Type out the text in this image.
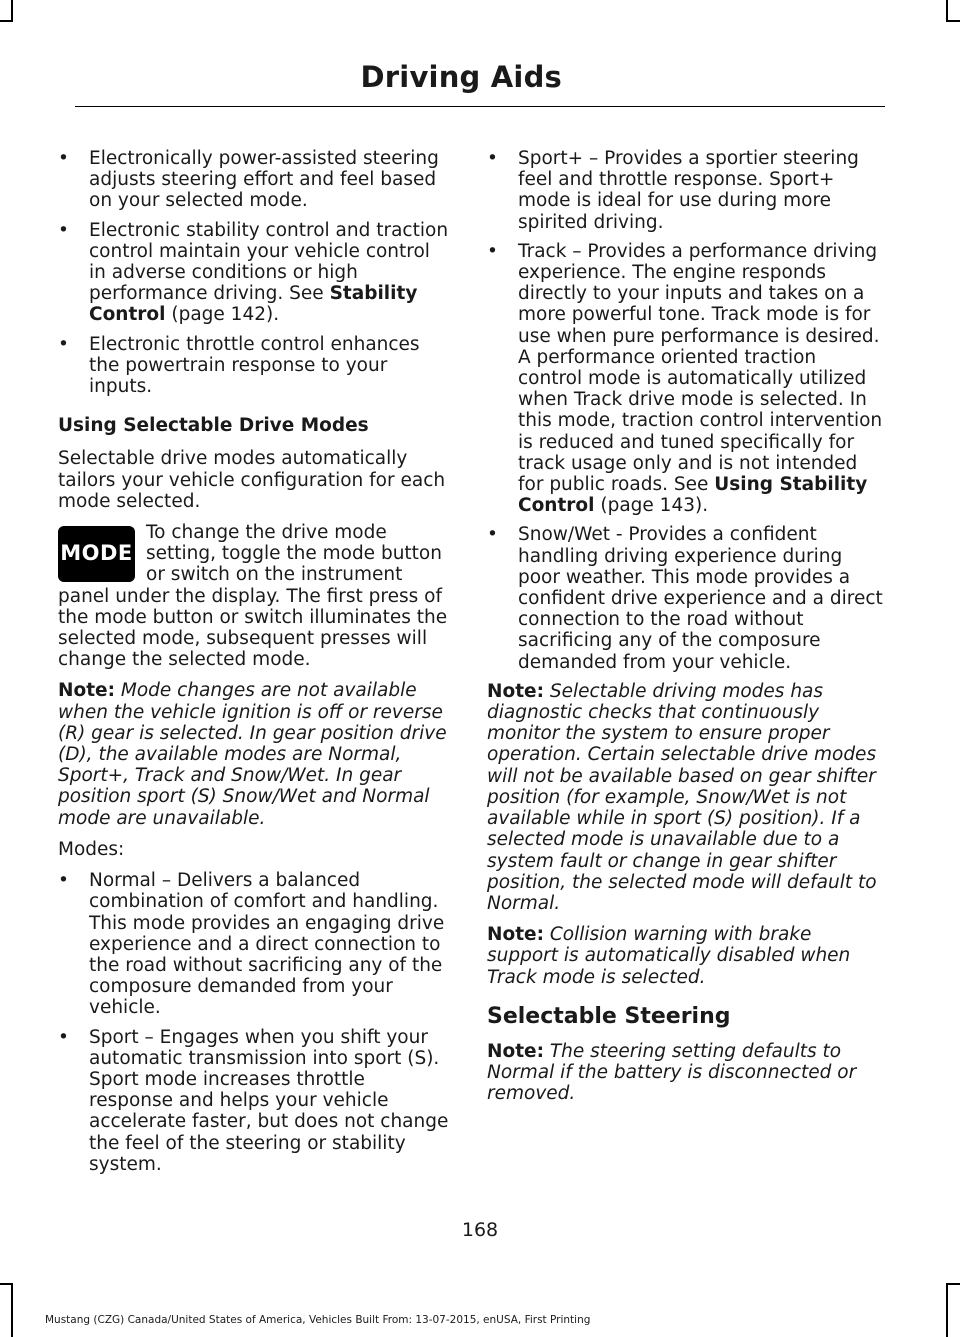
Driving Aids
• Electronically power-assisted steering adjusts steering effort and feel based on your selected mode.
• Electronic stability control and traction control maintain your vehicle control in adverse conditions or high performance driving. See Stability Control (page 142).
• Electronic throttle control enhances the powertrain response to your inputs.
Using Selectable Drive Modes

Selectable drive modes automatically tailors your vehicle configuration for each mode selected.

MODE
To change the drive mode setting, toggle the mode button or switch on the instrument panel under the display. The first press of the mode button or switch illuminates the selected mode, subsequent presses will change the selected mode.

Note: Mode changes are not available when the vehicle ignition is off or reverse (R) gear is selected. In gear position drive (D), the available modes are Normal, Sport+, Track and Snow/Wet. In gear position sport (S) Snow/Wet and Normal mode are unavailable.

Modes:

• Normal – Delivers a balanced combination of comfort and handling. This mode provides an engaging drive experience and a direct connection to the road without sacrificing any of the composure demanded from your vehicle.
• Sport – Engages when you shift your automatic transmission into sport (S). Sport mode increases throttle response and helps your vehicle accelerate faster, but does not change the feel of the steering or stability system.
• Sport+ – Provides a sportier steering feel and throttle response. Sport+ mode is ideal for use during more spirited driving.
• Track – Provides a performance driving experience. The engine responds directly to your inputs and takes on a more powerful tone. Track mode is for use when pure performance is desired. A performance oriented traction control mode is automatically utilized when Track drive mode is selected. In this mode, traction control intervention is reduced and tuned specifically for track usage only and is not intended for public roads. See Using Stability Control (page 143).
• Snow/Wet - Provides a confident handling driving experience during poor weather. This mode provides a confident drive experience and a direct connection to the road without sacrificing any of the composure demanded from your vehicle.

Note: Selectable driving modes has diagnostic checks that continuously monitor the system to ensure proper operation. Certain selectable drive modes will not be available based on gear shifter position (for example, Snow/Wet is not available while in sport (S) position). If a selected mode is unavailable due to a system fault or change in gear shifter position, the selected mode will default to Normal.

Note: Collision warning with brake support is automatically disabled when Track mode is selected.

Selectable Steering

Note: The steering setting defaults to Normal if the battery is disconnected or removed.

168
Mustang (CZG) Canada/United States of America, Vehicles Built From: 13-07-2015, enUSA, First Printing
